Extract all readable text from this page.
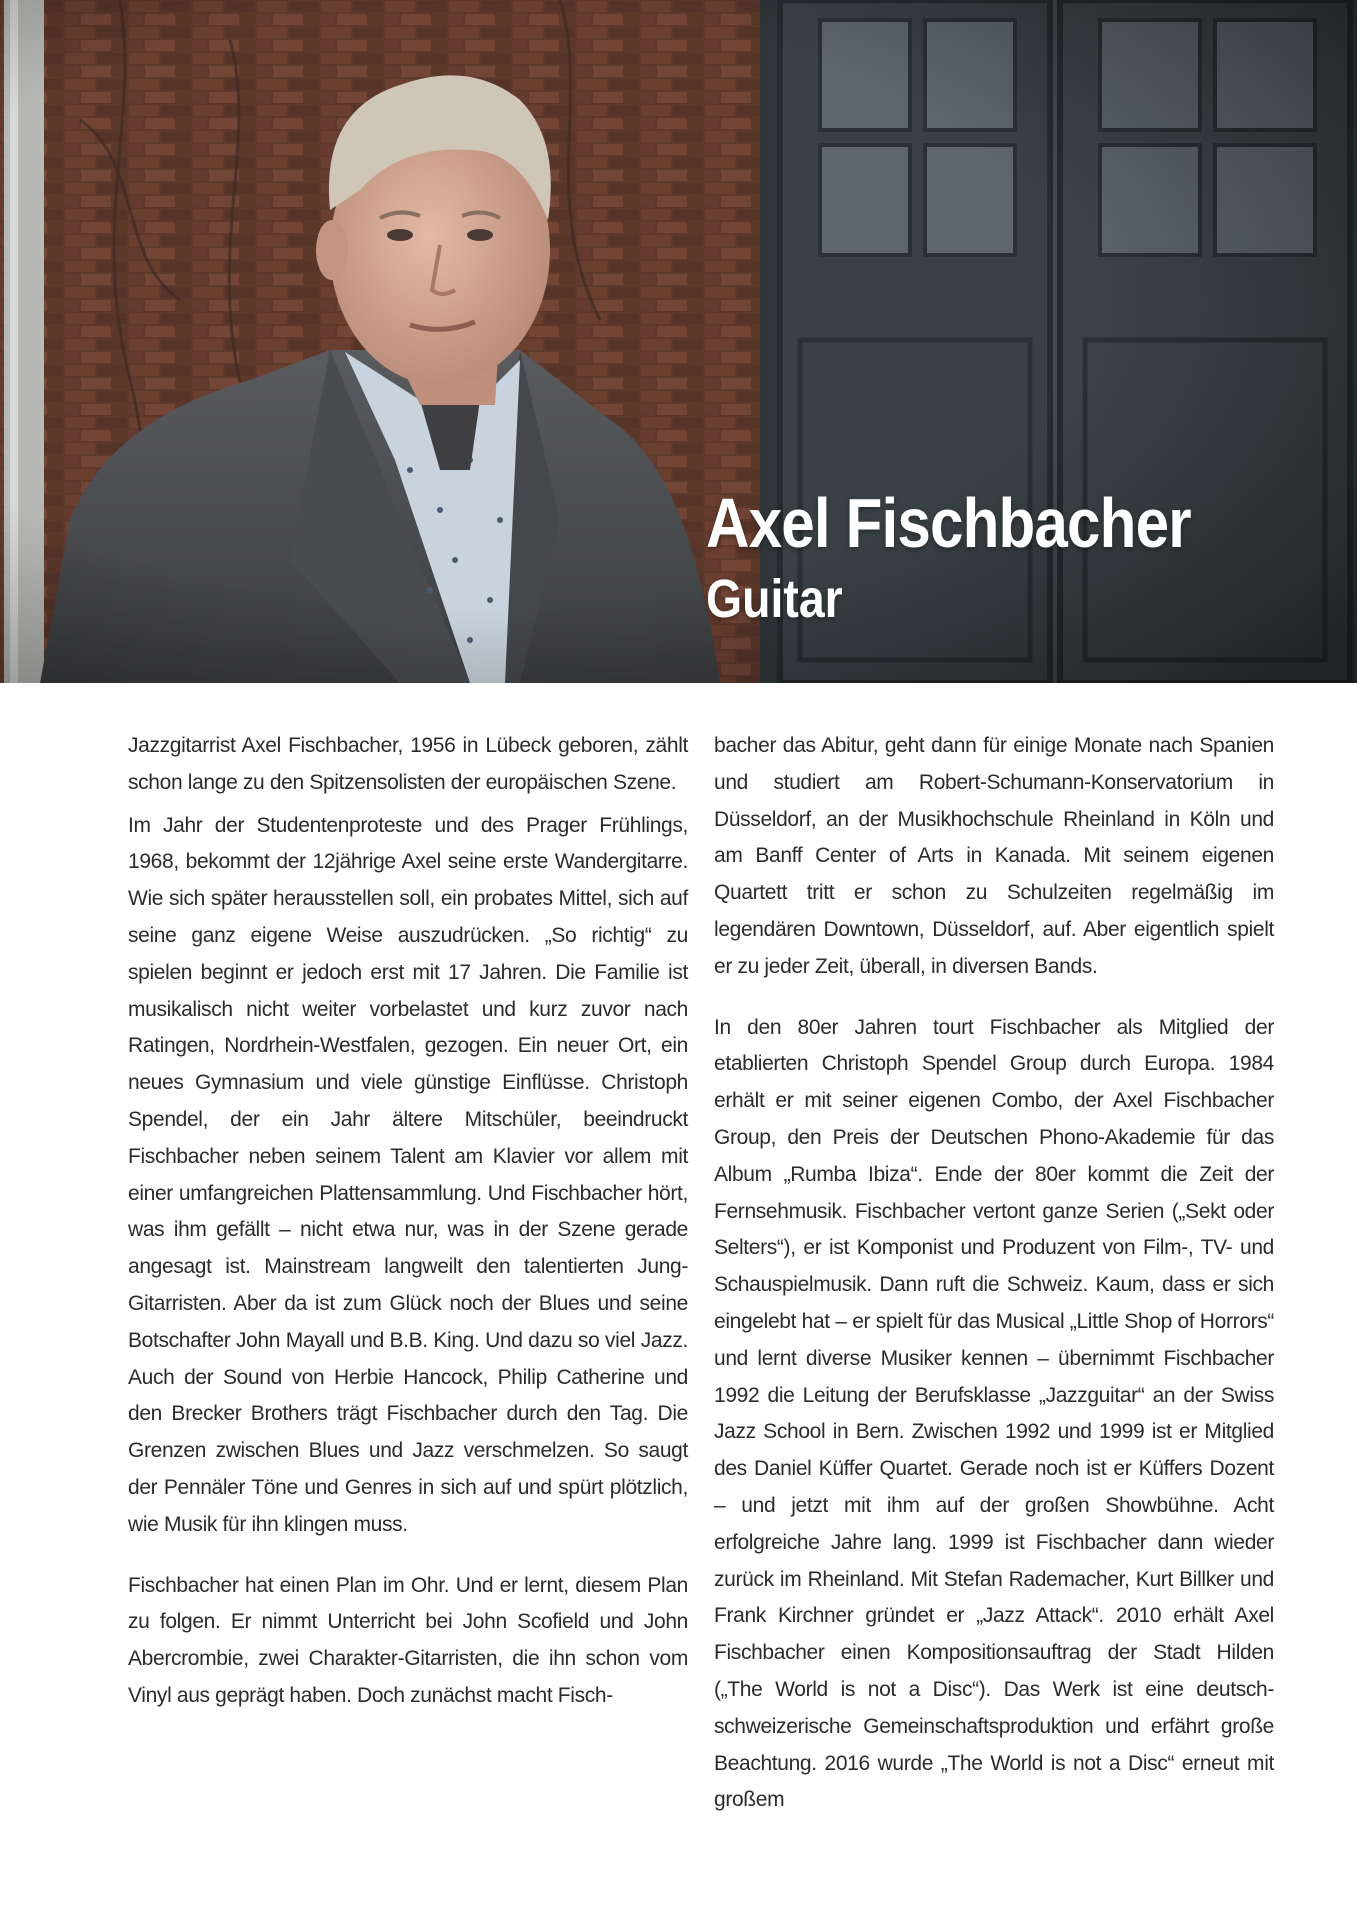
Axel Fischbacher
Guitar

Jazzgitarrist Axel Fischbacher, 1956 in Lübeck geboren, zählt schon lange zu den Spitzensolisten der europäischen Szene.

Im Jahr der Studentenproteste und des Prager Frühlings, 1968, bekommt der 12jährige Axel seine erste Wandergitarre. Wie sich später herausstellen soll, ein probates Mittel, sich auf seine ganz eigene Weise auszudrücken. „So richtig“ zu spielen beginnt er jedoch erst mit 17 Jahren. Die Familie ist musikalisch nicht weiter vorbelastet und kurz zuvor nach Ratingen, Nordrhein-Westfalen, gezogen. Ein neuer Ort, ein neues Gymnasium und viele günstige Einflüsse. Christoph Spendel, der ein Jahr ältere Mitschüler, beeindruckt Fischbacher neben seinem Talent am Klavier vor allem mit einer umfangreichen Plattensammlung. Und Fischbacher hört, was ihm gefällt – nicht etwa nur, was in der Szene gerade angesagt ist. Mainstream langweilt den talentierten Jung-Gitarristen. Aber da ist zum Glück noch der Blues und seine Botschafter John Mayall und B.B. King. Und dazu so viel Jazz. Auch der Sound von Herbie Hancock, Philip Catherine und den Brecker Brothers trägt Fischbacher durch den Tag. Die Grenzen zwischen Blues und Jazz verschmelzen. So saugt der Pennäler Töne und Genres in sich auf und spürt plötzlich, wie Musik für ihn klingen muss.

Fischbacher hat einen Plan im Ohr. Und er lernt, diesem Plan zu folgen. Er nimmt Unterricht bei John Scofield und John Abercrombie, zwei Charakter-Gitarristen, die ihn schon vom Vinyl aus geprägt haben. Doch zunächst macht Fisch-

bacher das Abitur, geht dann für einige Monate nach Spanien und studiert am Robert-Schumann-Konservatorium in Düsseldorf, an der Musikhochschule Rheinland in Köln und am Banff Center of Arts in Kanada. Mit seinem eigenen Quartett tritt er schon zu Schulzeiten regelmäßig im legendären Downtown, Düsseldorf, auf. Aber eigentlich spielt er zu jeder Zeit, überall, in diversen Bands.

In den 80er Jahren tourt Fischbacher als Mitglied der etablierten Christoph Spendel Group durch Europa. 1984 erhält er mit seiner eigenen Combo, der Axel Fischbacher Group, den Preis der Deutschen Phono-Akademie für das Album „Rumba Ibiza“. Ende der 80er kommt die Zeit der Fernsehmusik. Fischbacher vertont ganze Serien („Sekt oder Selters“), er ist Komponist und Produzent von Film-, TV- und Schauspielmusik. Dann ruft die Schweiz. Kaum, dass er sich eingelebt hat – er spielt für das Musical „Little Shop of Horrors“ und lernt diverse Musiker kennen – übernimmt Fischbacher 1992 die Leitung der Berufsklasse „Jazzguitar“ an der Swiss Jazz School in Bern. Zwischen 1992 und 1999 ist er Mitglied des Daniel Küffer Quartet. Gerade noch ist er Küffers Dozent – und jetzt mit ihm auf der großen Showbühne. Acht erfolgreiche Jahre lang. 1999 ist Fischbacher dann wieder zurück im Rheinland. Mit Stefan Rademacher, Kurt Billker und Frank Kirchner gründet er „Jazz Attack“. 2010 erhält Axel Fischbacher einen Kompositionsauftrag der Stadt Hilden („The World is not a Disc“). Das Werk ist eine deutsch-schweizerische Gemeinschaftsproduktion und erfährt große Beachtung. 2016 wurde „The World is not a Disc“ erneut mit großem
